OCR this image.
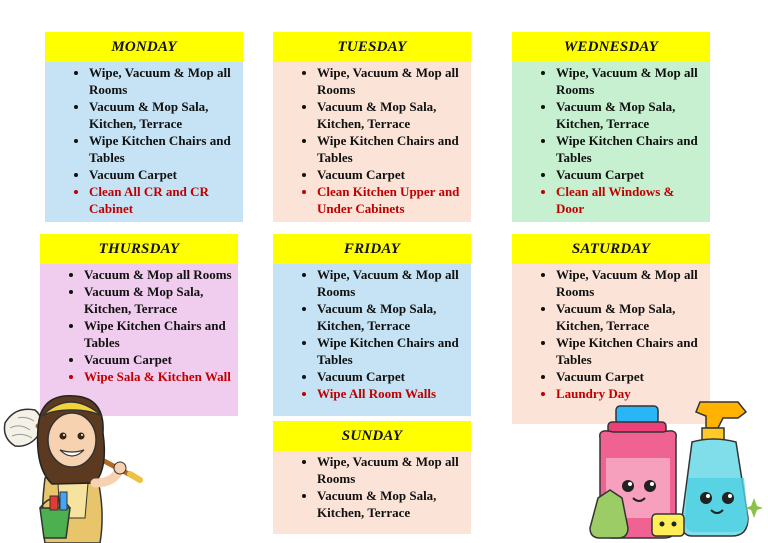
MONDAY
• Wipe, Vacuum & Mop all Rooms
• Vacuum & Mop Sala, Kitchen, Terrace
• Wipe Kitchen Chairs and Tables
• Vacuum Carpet
• Clean All CR and CR Cabinet
TUESDAY
• Wipe, Vacuum & Mop all Rooms
• Vacuum & Mop Sala, Kitchen, Terrace
• Wipe Kitchen Chairs and Tables
• Vacuum Carpet
• Clean Kitchen Upper and Under Cabinets
WEDNESDAY
• Wipe, Vacuum & Mop all Rooms
• Vacuum & Mop Sala, Kitchen, Terrace
• Wipe Kitchen Chairs and Tables
• Vacuum Carpet
• Clean all Windows & Door
THURSDAY
• Vacuum & Mop all Rooms
• Vacuum & Mop Sala, Kitchen, Terrace
• Wipe Kitchen Chairs and Tables
• Vacuum Carpet
• Wipe Sala & Kitchen Wall
FRIDAY
• Wipe, Vacuum & Mop all Rooms
• Vacuum & Mop Sala, Kitchen, Terrace
• Wipe Kitchen Chairs and Tables
• Vacuum Carpet
• Wipe All Room Walls
SATURDAY
• Wipe, Vacuum & Mop all Rooms
• Vacuum & Mop Sala, Kitchen, Terrace
• Wipe Kitchen Chairs and Tables
• Vacuum Carpet
• Laundry Day
SUNDAY
• Wipe, Vacuum & Mop all Rooms
• Vacuum & Mop Sala, Kitchen, Terrace
